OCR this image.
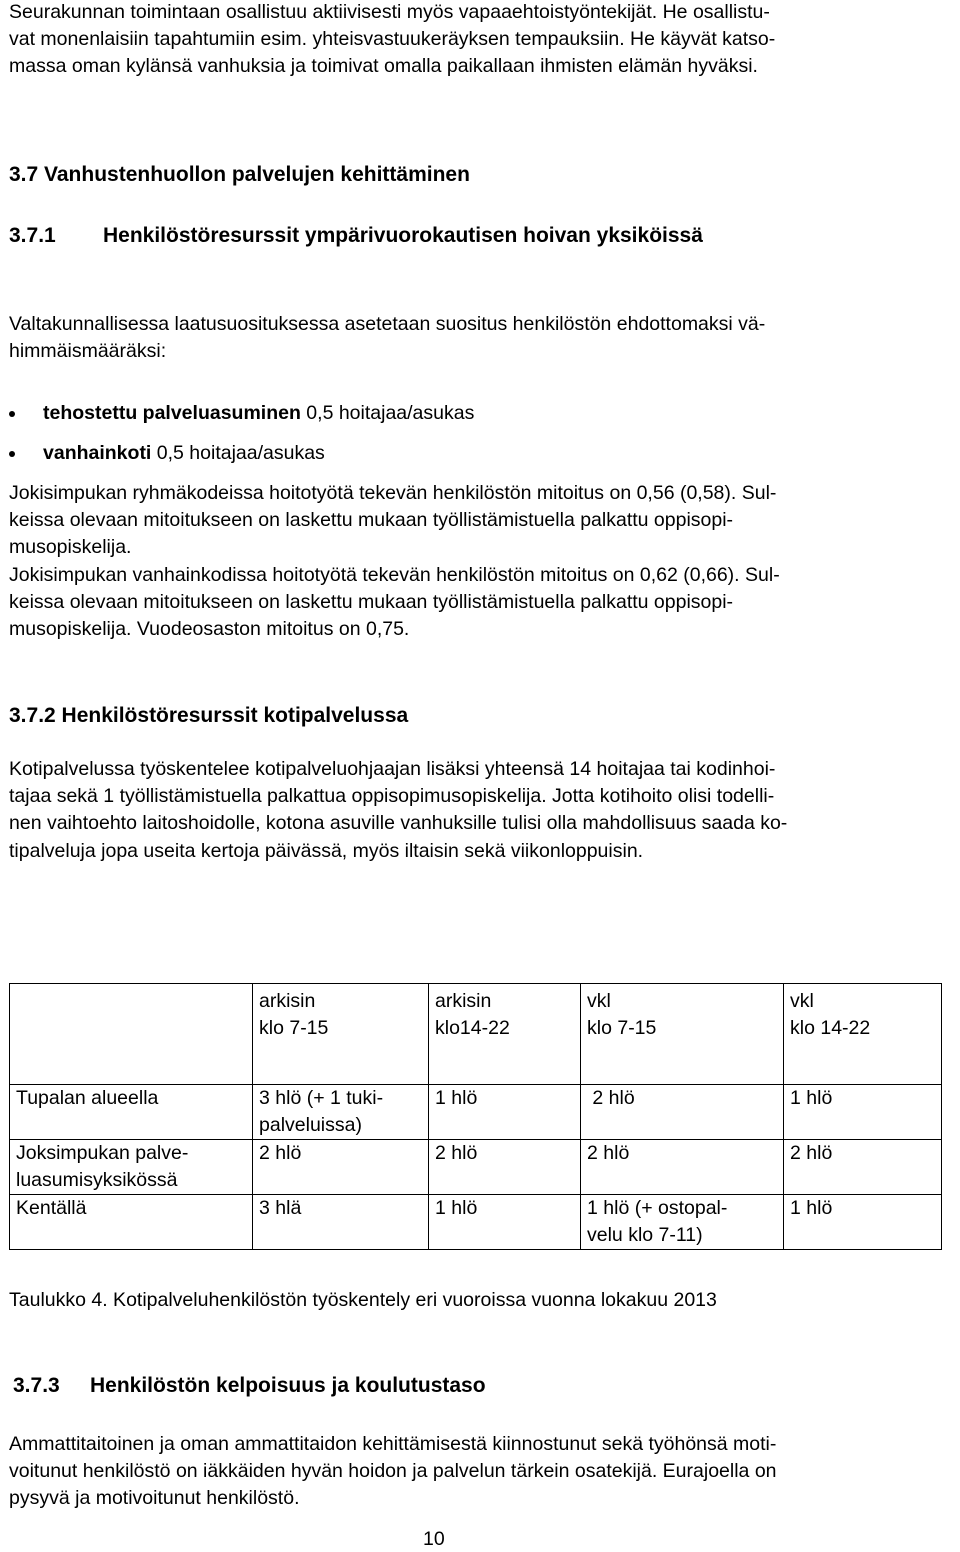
Seurakunnan toimintaan osallistuu aktiivisesti myös vapaaehtoistyöntekijät. He osallistu-
vat monenlaisiin tapahtumiin esim. yhteisvastuukeräyksen tempauksiin. He käyvät katso-
massa oman kylänsä vanhuksia ja toimivat omalla paikallaan ihmisten elämän hyväksi.
3.7 Vanhustenhuollon palvelujen kehittäminen
3.7.1 Henkilöstöresurssit ympärivuorokautisen hoivan yksiköissä
Valtakunnallisessa laatusuosituksessa asetetaan suositus henkilöstön ehdottomaksi vä-
himmäismääräksi:
tehostettu palveluasuminen 0,5 hoitajaa/asukas
vanhainkoti 0,5 hoitajaa/asukas
Jokisimpukan ryhmäkodeissa hoitotyötä tekevän henkilöstön mitoitus on 0,56 (0,58). Sul-
keissa olevaan mitoitukseen on laskettu mukaan työllistämistuella palkattu oppisopi-
musopiskelija.
Jokisimpukan vanhainkodissa hoitotyötä tekevän henkilöstön mitoitus on 0,62 (0,66). Sul-
keissa olevaan mitoitukseen on laskettu mukaan työllistämistuella palkattu oppisopi-
musopiskelija. Vuodeosaston mitoitus on 0,75.
3.7.2 Henkilöstöresurssit kotipalvelussa
Kotipalvelussa työskentelee kotipalveluohjaajan lisäksi yhteensä 14 hoitajaa tai kodinhoi-
tajaa sekä 1 työllistämistuella palkattua oppisopimusopiskelija. Jotta kotihoito olisi todelli-
nen vaihtoehto laitoshoidolle, kotona asuville vanhuksille tulisi olla mahdollisuus saada ko-
tipalveluja jopa useita kertoja päivässä, myös iltaisin sekä viikonloppuisin.

	arkisin
klo 7-15	arkisin
klo14-22	vkl
klo 7-15	vkl
klo 14-22

Tupalan alueella	3 hlö (+ 1 tuki-
palveluissa)	1 hlö	2 hlö	1 hlö

Joksimpukan palve-
luasumisyksikössä	2 hlö	2 hlö	2 hlö	2 hlö

Kentällä	3 hlä	1 hlö	1 hlö (+ ostopal-
velu klo 7-11)	1 hlö
Taulukko 4. Kotipalveluhenkilöstön työskentely eri vuoroissa vuonna lokakuu 2013
3.7.3 Henkilöstön kelpoisuus ja koulutustaso
Ammattitaitoinen ja oman ammattitaidon kehittämisestä kiinnostunut sekä työhönsä moti-
voitunut henkilöstö on iäkkäiden hyvän hoidon ja palvelun tärkein osatekijä. Eurajoella on
pysyvä ja motivoitunut henkilöstö.
10
